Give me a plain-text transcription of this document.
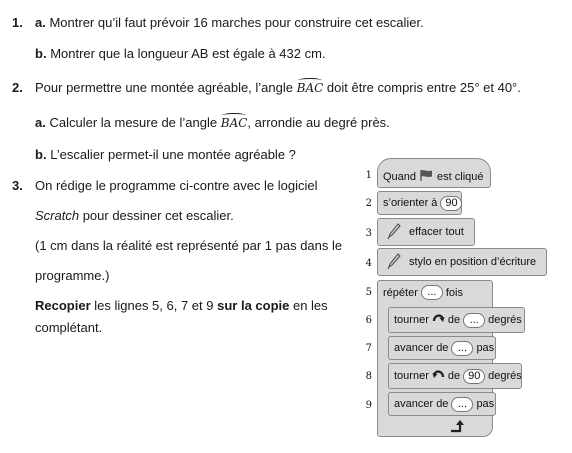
1. a. Montrer qu’il faut prévoir 16 marches pour construire cet escalier.
b. Montrer que la longueur AB est égale à 432 cm.
2. Pour permettre une montée agréable, l’angle BAC doit être compris entre 25° et 40°.
a. Calculer la mesure de l’angle BAC, arrondie au degré près.
b. L’escalier permet-il une montée agréable ?
3. On rédige le programme ci-contre avec le logiciel
Scratch pour dessiner cet escalier.
(1 cm dans la réalité est représenté par 1 pas dans le
programme.)
Recopier les lignes 5, 6, 7 et 9 sur la copie en les
complétant.
1 Quand est cliqué
2 s’orienter à 90
3	effacer tout
4	stylo en position d’écriture
5 répéter ... fois
6 tourner de ... degrés
7 avancer de ... pas
8 tourner de 90 degrés
9 avancer de ... pas
